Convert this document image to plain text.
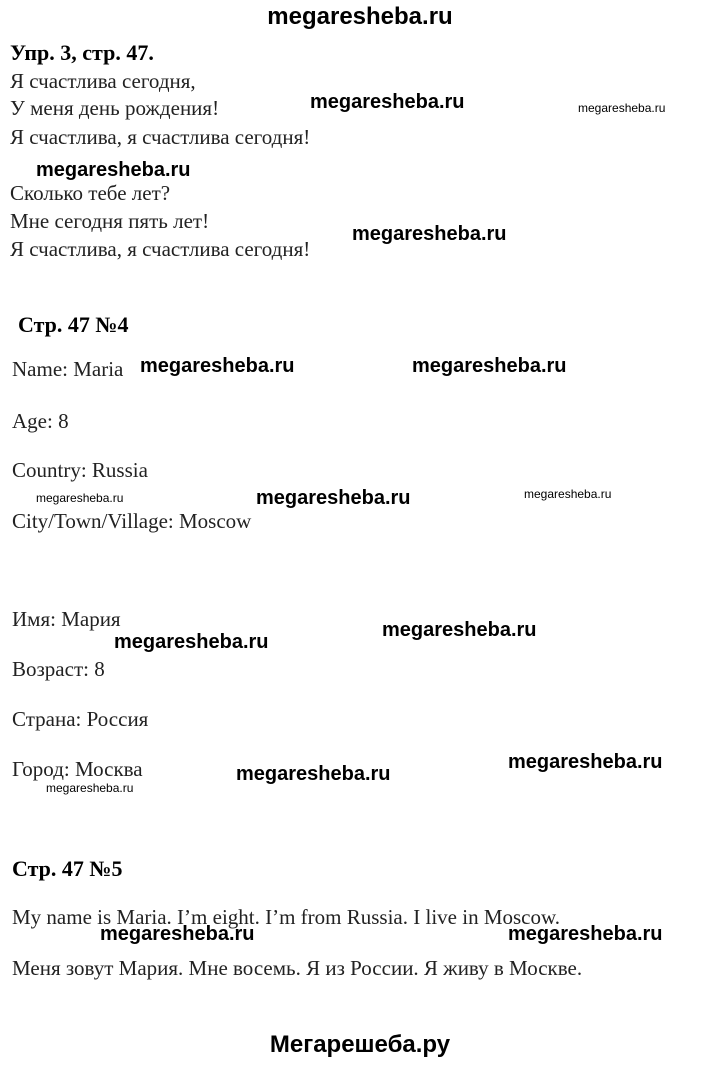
megaresheba.ru
Упр. 3, стр. 47.
Я счастлива сегодня,
У меня день рождения!
Я счастлива, я счастлива сегодня!
Сколько тебе лет?
Мне сегодня пять лет!
Я счастлива, я счастлива сегодня!
Стр. 47 №4
Name: Maria
Age: 8
Country: Russia
City/Town/Village: Moscow
Имя: Мария
Возраст: 8
Страна: Россия
Город: Москва
Стр. 47 №5
My name is Maria. I’m eight. I’m from Russia. I live in Moscow.
Меня зовут Мария. Мне восемь. Я из России. Я живу в Москве.
megaresheba.ru	megaresheba.ru
megaresheba.ru
megaresheba.ru
megaresheba.ru	megaresheba.ru
megaresheba.ru	megaresheba.ru	megaresheba.ru
megaresheba.ru
megaresheba.ru
megaresheba.ru
megaresheba.ru
megaresheba.ru
megaresheba.ru	megaresheba.ru
Мегарешеба.ру
